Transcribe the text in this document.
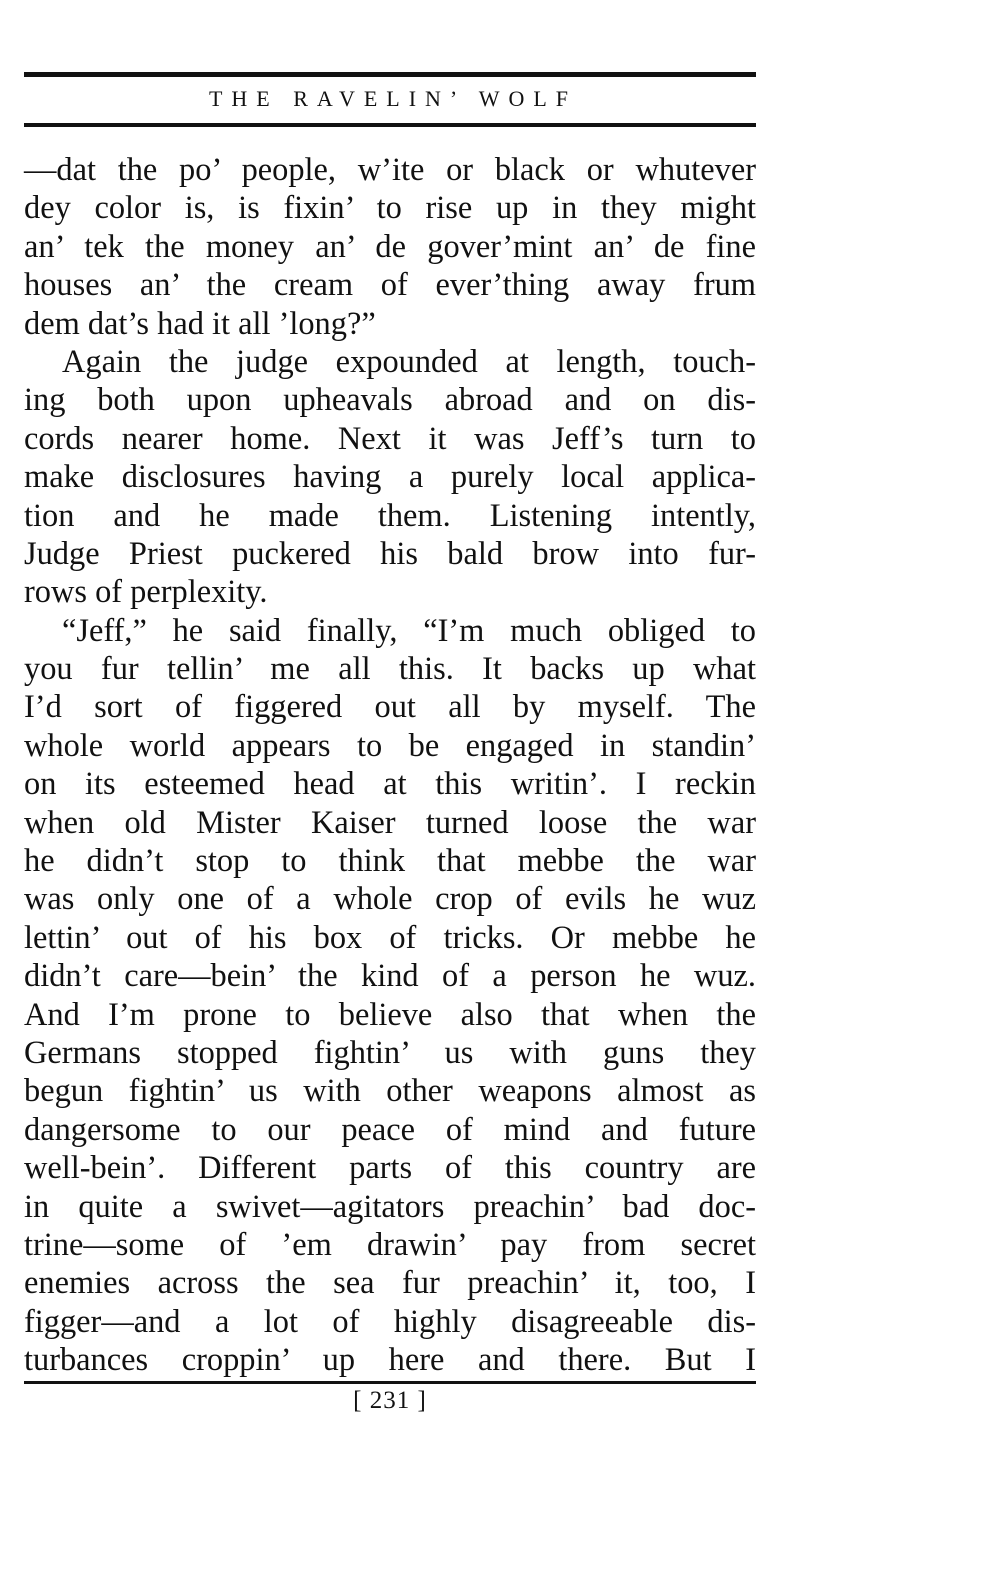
THE RAVELIN’ WOLF
—dat the po’ people, w’ite or black or whutever
dey color is, is fixin’ to rise up in they might
an’ tek the money an’ de gover’mint an’ de fine
houses an’ the cream of ever’thing away frum
dem dat’s had it all ’long?”
Again the judge expounded at length, touch-
ing both upon upheavals abroad and on dis-
cords nearer home. Next it was Jeff’s turn to
make disclosures having a purely local applica-
tion and he made them. Listening intently,
Judge Priest puckered his bald brow into fur-
rows of perplexity.
“Jeff,” he said finally, “I’m much obliged to
you fur tellin’ me all this. It backs up what
I’d sort of figgered out all by myself. The
whole world appears to be engaged in standin’
on its esteemed head at this writin’. I reckin
when old Mister Kaiser turned loose the war
he didn’t stop to think that mebbe the war
was only one of a whole crop of evils he wuz
lettin’ out of his box of tricks. Or mebbe he
didn’t care—bein’ the kind of a person he wuz.
And I’m prone to believe also that when the
Germans stopped fightin’ us with guns they
begun fightin’ us with other weapons almost as
dangersome to our peace of mind and future
well-bein’. Different parts of this country are
in quite a swivet—agitators preachin’ bad doc-
trine—some of ’em drawin’ pay from secret
enemies across the sea fur preachin’ it, too, I
figger—and a lot of highly disagreeable dis-
turbances croppin’ up here and there. But I
[ 231 ]
